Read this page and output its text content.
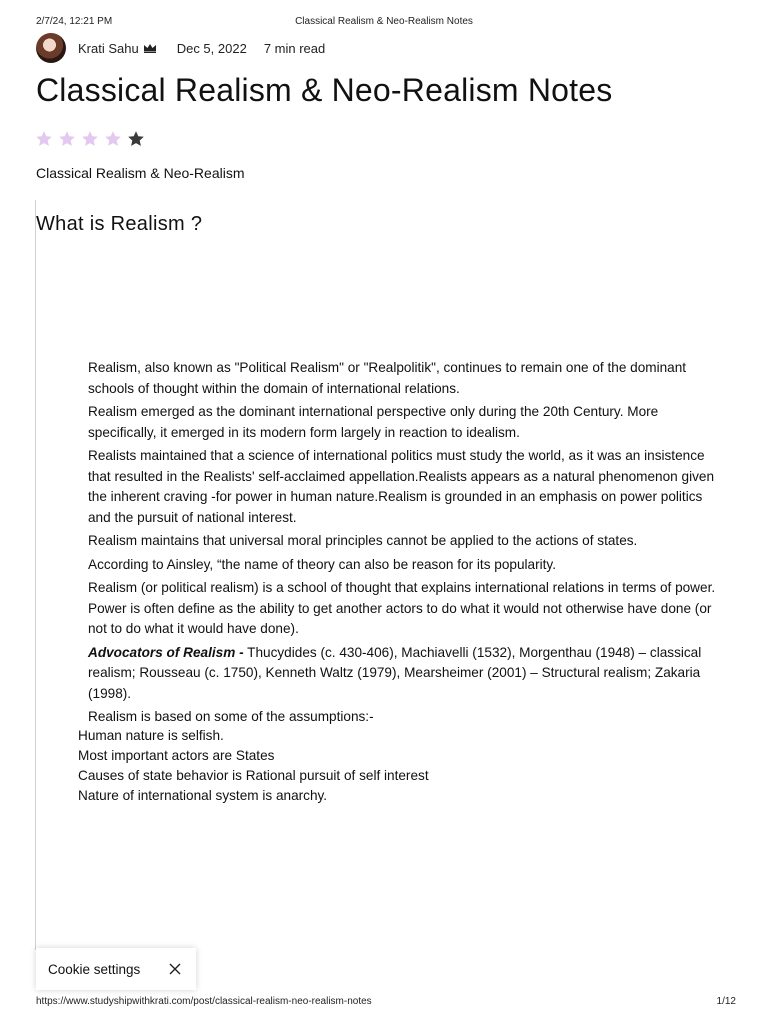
2/7/24, 12:21 PM	Classical Realism & Neo-Realism Notes
Krati Sahu	Dec 5, 2022 7 min read
Classical Realism & Neo-Realism Notes
Classical Realism & Neo-Realism
What is Realism ?

Realism, also known as "Political Realism" or "Realpolitik", continues to remain one of the dominant schools of thought within the domain of international relations.

Realism emerged as the dominant international perspective only during the 20th Century. More specifically, it emerged in its modern form largely in reaction to idealism.

Realists maintained that a science of international politics must study the world, as it was an insistence that resulted in the Realists' self-acclaimed appellation.Realists appears as a natural phenomenon given the inherent craving -for power in human nature.Realism is grounded in an emphasis on power politics and the pursuit of national interest.

Realism maintains that universal moral principles cannot be applied to the actions of states.

According to Ainsley, “the name of theory can also be reason for its popularity.

Realism (or political realism) is a school of thought that explains international relations in terms of power. Power is often define as the ability to get another actors to do what it would not otherwise have done (or not to do what it would have done).

Advocators of Realism - Thucydides (c. 430-406), Machiavelli (1532), Morgenthau (1948) – classical realism; Rousseau (c. 1750), Kenneth Waltz (1979), Mearsheimer (2001) – Structural realism; Zakaria (1998).

Realism is based on some of the assumptions:-

Human nature is selfish.
Most important actors are States
Causes of state behavior is Rational pursuit of self interest
Nature of international system is anarchy.
Cookie settings
https://www.studyshipwithkrati.com/post/classical-realism-neo-realism-notes	1/12
